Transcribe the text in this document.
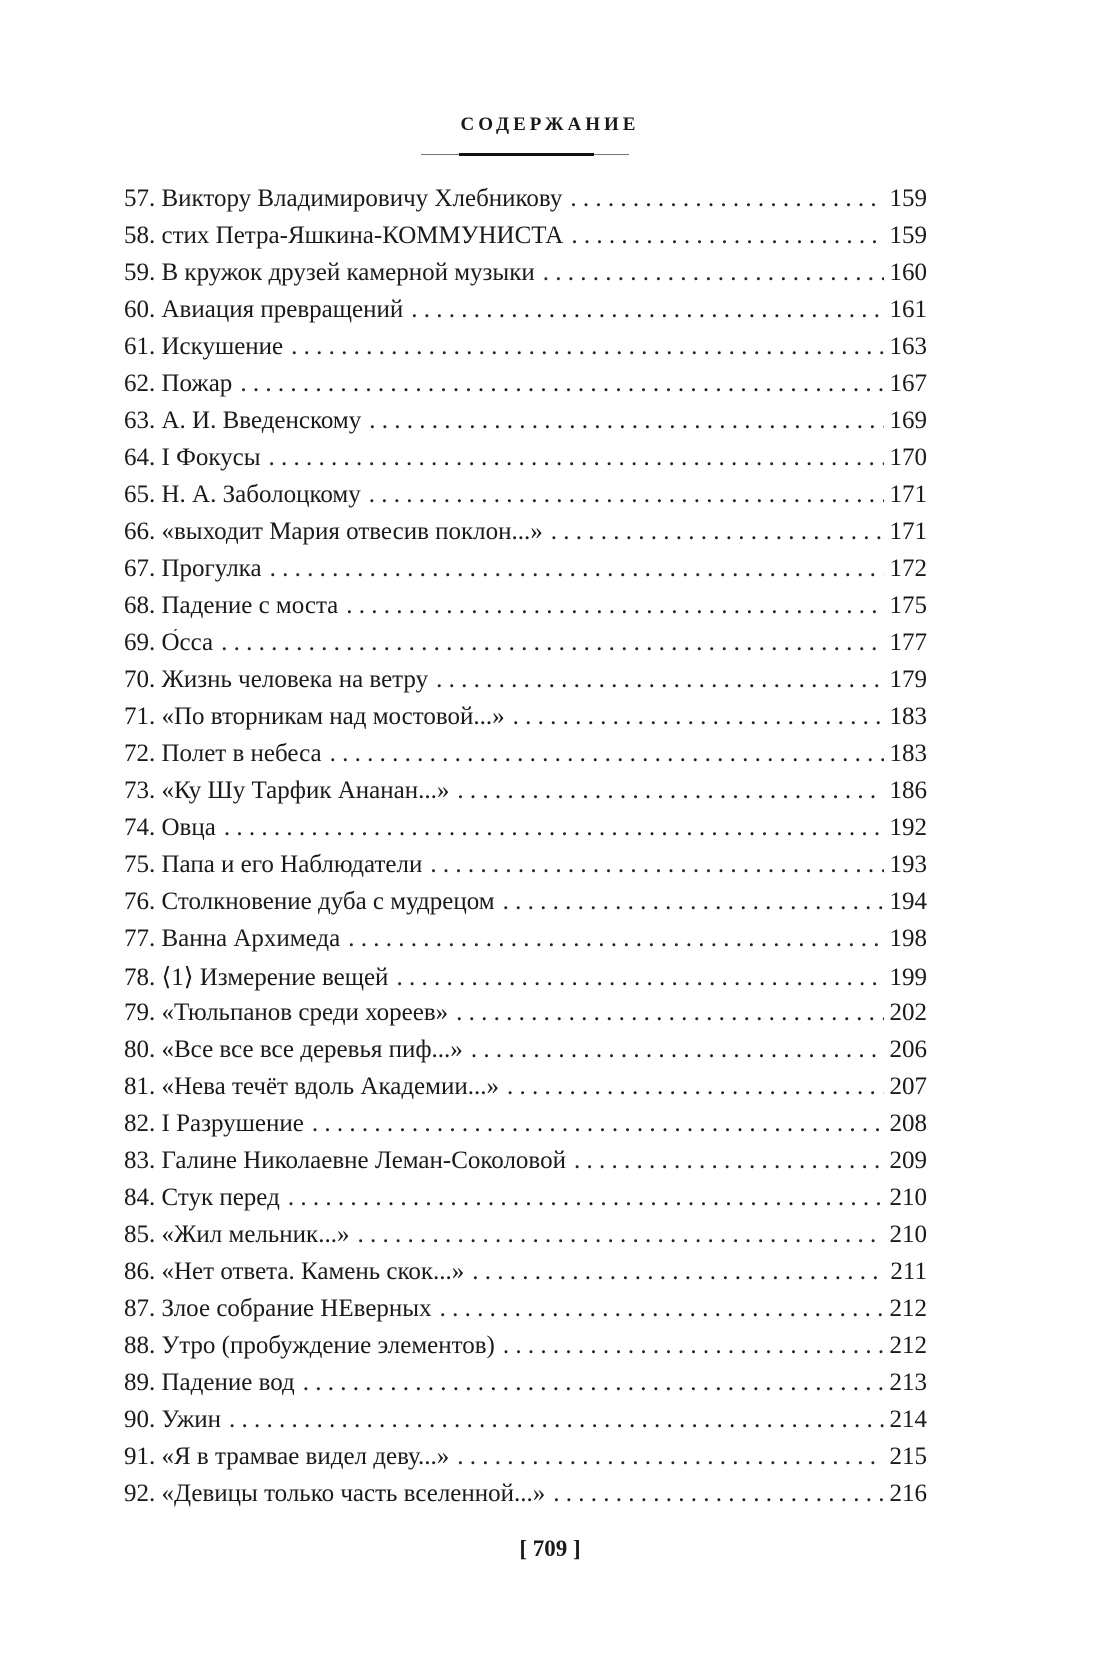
СОДЕРЖАНИЕ
57. Виктору Владимировичу Хлебникову . . .	159
58. стих Петра-Яшкина-КОММУНИСТА . . .	159
59. В кружок друзей камерной музыки . . .	160
60. Авиация превращений . . .	161
61. Искушение . . .	163
62. Пожар . . .	167
63. А. И. Введенскому . . .	169
64. I Фокусы . . .	170
65. Н. А. Заболоцкому . . .	171
66. «выходит Мария отвесив поклон...» . . .	171
67. Прогулка . . .	172
68. Падение с моста . . .	175
69. О́сса . . .	177
70. Жизнь человека на ветру . . .	179
71. «По вторникам над мостовой...» . . .	183
72. Полет в небеса . . .	183
73. «Ку Шу Тарфик Ананан...» . . .	186
74. Овца . . .	192
75. Папа и его Наблюдатели . . .	193
76. Столкновение дуба с мудрецом . . .	194
77. Ванна Архимеда . . .	198
78. ⟨1⟩ Измерение вещей . . .	199
79. «Тюльпанов среди хореев» . . .	202
80. «Все все все деревья пиф...» . . .	206
81. «Нева течёт вдоль Академии...» . . .	207
82. I Разрушение . . .	208
83. Галине Николаевне Леман-Соколовой . . .	209
84. Стук перед . . .	210
85. «Жил мельник...» . . .	210
86. «Нет ответа. Камень скок...» . . .	211
87. Злое собрание НЕверных . . .	212
88. Утро (пробуждение элементов) . . .	212
89. Падение вод . . .	213
90. Ужин . . .	214
91. «Я в трамвае видел деву...» . . .	215
92. «Девицы только часть вселенной...» . . .	216
[ 709 ]
